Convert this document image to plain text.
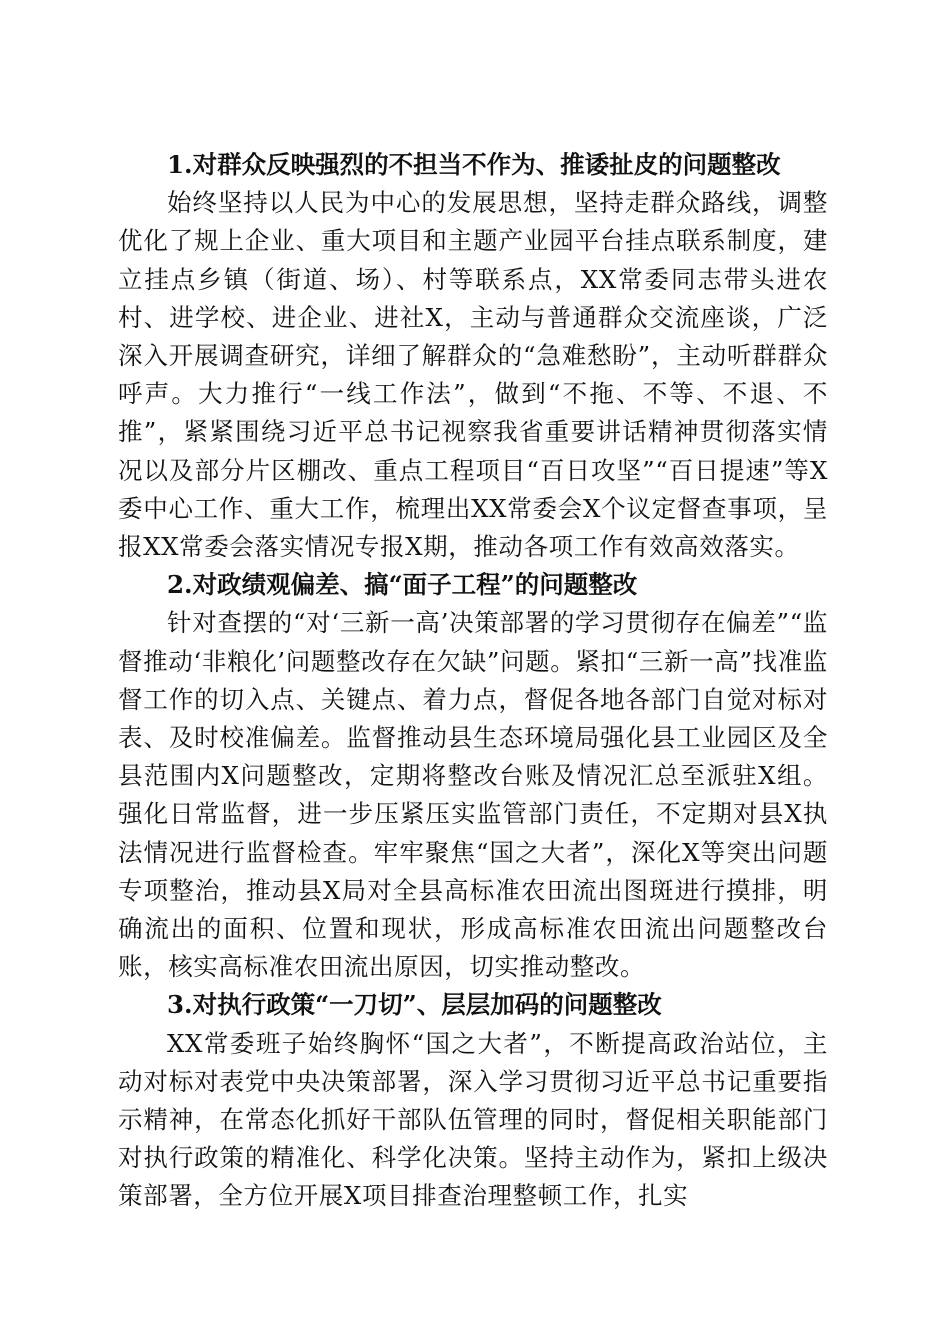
1.对群众反映强烈的不担当不作为、推诿扯皮的问题整改

始终坚持以人民为中心的发展思想，坚持走群众路线，调整优化了规上企业、重大项目和主题产业园平台挂点联系制度，建立挂点乡镇（街道、场）、村等联系点，XX常委同志带头进农村、进学校、进企业、进社X，主动与普通群众交流座谈，广泛深入开展调查研究，详细了解群众的“急难愁盼”，主动听群群众呼声。大力推行“一线工作法”，做到“不拖、不等、不退、不推”，紧紧围绕习近平总书记视察我省重要讲话精神贯彻落实情况以及部分片区棚改、重点工程项目“百日攻坚”“百日提速”等X委中心工作、重大工作，梳理出XX常委会X个议定督查事项，呈报XX常委会落实情况专报X期，推动各项工作有效高效落实。

2.对政绩观偏差、搞“面子工程”的问题整改

针对查摆的“对‘三新一高’决策部署的学习贯彻存在偏差”“监督推动‘非粮化’问题整改存在欠缺”问题。紧扣“三新一高”找准监督工作的切入点、关键点、着力点，督促各地各部门自觉对标对表、及时校准偏差。监督推动县生态环境局强化县工业园区及全县范围内X问题整改，定期将整改台账及情况汇总至派驻X组。强化日常监督，进一步压紧压实监管部门责任，不定期对县X执法情况进行监督检查。牢牢聚焦“国之大者”，深化X等突出问题专项整治，推动县X局对全县高标准农田流出图斑进行摸排，明确流出的面积、位置和现状，形成高标准农田流出问题整改台账，核实高标准农田流出原因，切实推动整改。

3.对执行政策“一刀切”、层层加码的问题整改

XX常委班子始终胸怀“国之大者”，不断提高政治站位，主动对标对表党中央决策部署，深入学习贯彻习近平总书记重要指示精神，在常态化抓好干部队伍管理的同时，督促相关职能部门对执行政策的精准化、科学化决策。坚持主动作为，紧扣上级决策部署，全方位开展X项目排查治理整顿工作，扎实
